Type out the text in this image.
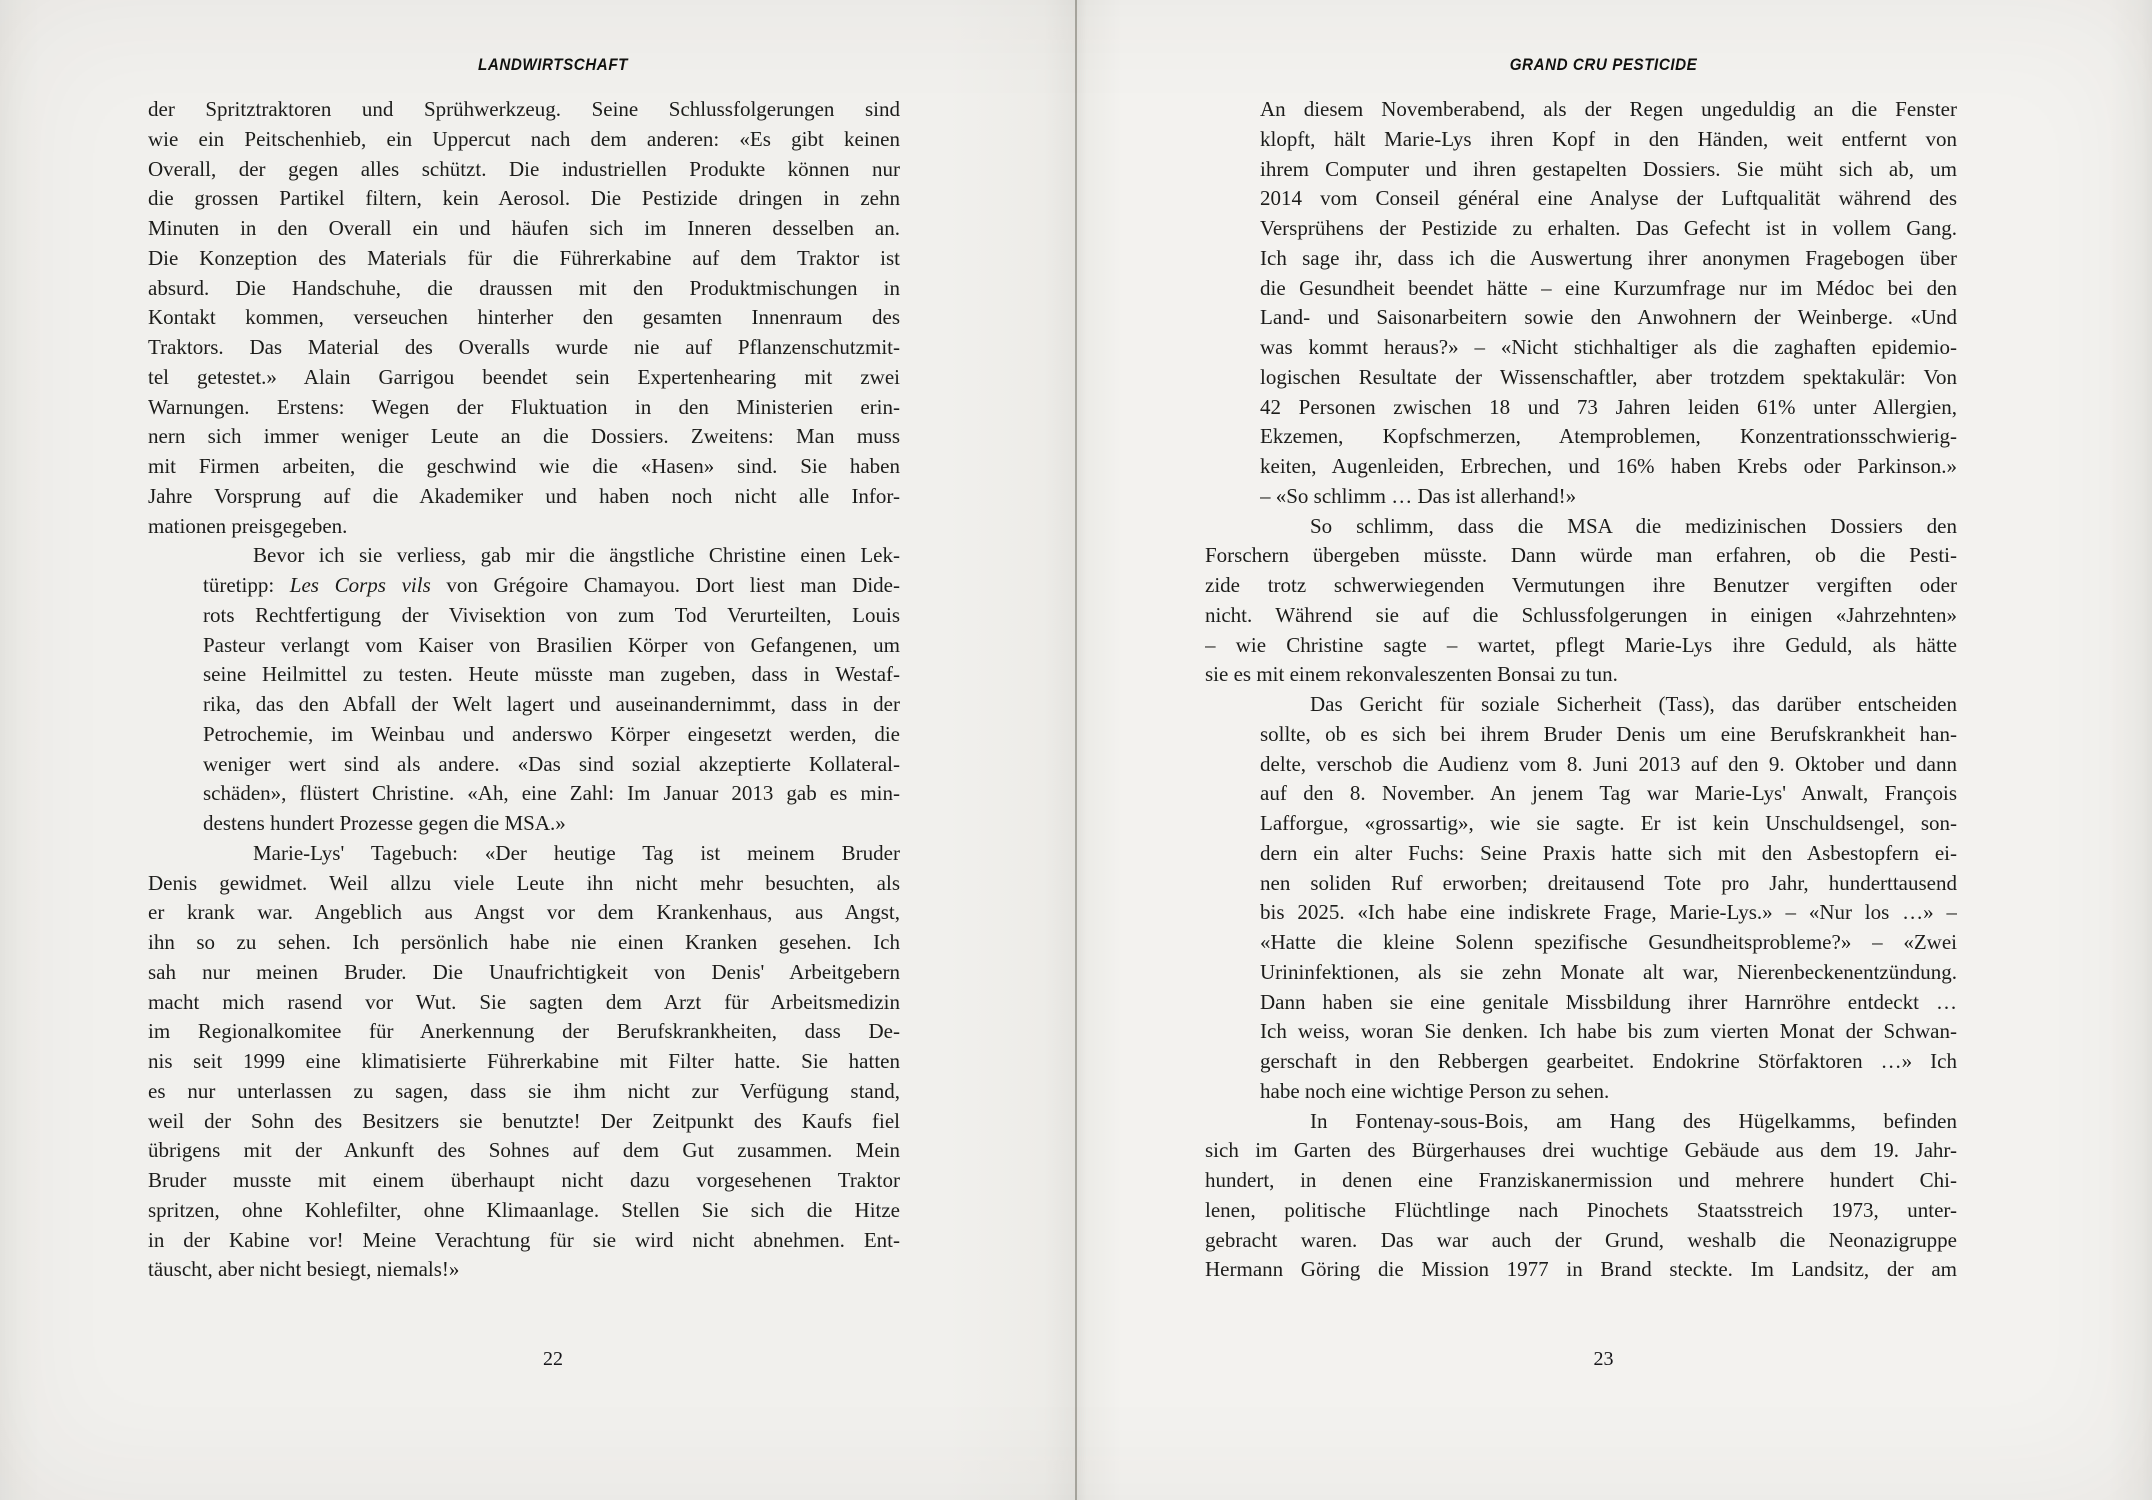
LANDWIRTSCHAFT
der Spritztraktoren und Sprühwerkzeug. Seine Schlussfolgerungen sind
wie ein Peitschenhieb, ein Uppercut nach dem anderen: «Es gibt keinen
Overall, der gegen alles schützt. Die industriellen Produkte können nur
die grossen Partikel filtern, kein Aerosol. Die Pestizide dringen in zehn
Minuten in den Overall ein und häufen sich im Inneren desselben an.
Die Konzeption des Materials für die Führerkabine auf dem Traktor ist
absurd. Die Handschuhe, die draussen mit den Produktmischungen in
Kontakt kommen, verseuchen hinterher den gesamten Innenraum des
Traktors. Das Material des Overalls wurde nie auf Pflanzenschutzmit-
tel getestet.» Alain Garrigou beendet sein Expertenhearing mit zwei
Warnungen. Erstens: Wegen der Fluktuation in den Ministerien erin-
nern sich immer weniger Leute an die Dossiers. Zweitens: Man muss
mit Firmen arbeiten, die geschwind wie die «Hasen» sind. Sie haben
Jahre Vorsprung auf die Akademiker und haben noch nicht alle Infor-
mationen preisgegeben.
Bevor ich sie verliess, gab mir die ängstliche Christine einen Lek-
türetipp: Les Corps vils von Grégoire Chamayou. Dort liest man Dide-
rots Rechtfertigung der Vivisektion von zum Tod Verurteilten, Louis
Pasteur verlangt vom Kaiser von Brasilien Körper von Gefangenen, um
seine Heilmittel zu testen. Heute müsste man zugeben, dass in Westaf-
rika, das den Abfall der Welt lagert und auseinandernimmt, dass in der
Petrochemie, im Weinbau und anderswo Körper eingesetzt werden, die
weniger wert sind als andere. «Das sind sozial akzeptierte Kollateral-
schäden», flüstert Christine. «Ah, eine Zahl: Im Januar 2013 gab es min-
destens hundert Prozesse gegen die MSA.»
Marie-Lys' Tagebuch: «Der heutige Tag ist meinem Bruder
Denis gewidmet. Weil allzu viele Leute ihn nicht mehr besuchten, als
er krank war. Angeblich aus Angst vor dem Krankenhaus, aus Angst,
ihn so zu sehen. Ich persönlich habe nie einen Kranken gesehen. Ich
sah nur meinen Bruder. Die Unaufrichtigkeit von Denis' Arbeitgebern
macht mich rasend vor Wut. Sie sagten dem Arzt für Arbeitsmedizin
im Regionalkomitee für Anerkennung der Berufskrankheiten, dass De-
nis seit 1999 eine klimatisierte Führerkabine mit Filter hatte. Sie hatten
es nur unterlassen zu sagen, dass sie ihm nicht zur Verfügung stand,
weil der Sohn des Besitzers sie benutzte! Der Zeitpunkt des Kaufs fiel
übrigens mit der Ankunft des Sohnes auf dem Gut zusammen. Mein
Bruder musste mit einem überhaupt nicht dazu vorgesehenen Traktor
spritzen, ohne Kohlefilter, ohne Klimaanlage. Stellen Sie sich die Hitze
in der Kabine vor! Meine Verachtung für sie wird nicht abnehmen. Ent-
täuscht, aber nicht besiegt, niemals!»
22
GRAND CRU PESTICIDE
An diesem Novemberabend, als der Regen ungeduldig an die Fenster
klopft, hält Marie-Lys ihren Kopf in den Händen, weit entfernt von
ihrem Computer und ihren gestapelten Dossiers. Sie müht sich ab, um
2014 vom Conseil général eine Analyse der Luftqualität während des
Versprühens der Pestizide zu erhalten. Das Gefecht ist in vollem Gang.
Ich sage ihr, dass ich die Auswertung ihrer anonymen Fragebogen über
die Gesundheit beendet hätte – eine Kurzumfrage nur im Médoc bei den
Land- und Saisonarbeitern sowie den Anwohnern der Weinberge. «Und
was kommt heraus?» – «Nicht stichhaltiger als die zaghaften epidemio-
logischen Resultate der Wissenschaftler, aber trotzdem spektakulär: Von
42 Personen zwischen 18 und 73 Jahren leiden 61% unter Allergien,
Ekzemen, Kopfschmerzen, Atemproblemen, Konzentrationsschwierig-
keiten, Augenleiden, Erbrechen, und 16% haben Krebs oder Parkinson.»
– «So schlimm … Das ist allerhand!»
So schlimm, dass die MSA die medizinischen Dossiers den
Forschern übergeben müsste. Dann würde man erfahren, ob die Pesti-
zide trotz schwerwiegenden Vermutungen ihre Benutzer vergiften oder
nicht. Während sie auf die Schlussfolgerungen in einigen «Jahrzehnten»
– wie Christine sagte – wartet, pflegt Marie-Lys ihre Geduld, als hätte
sie es mit einem rekonvaleszenten Bonsai zu tun.
Das Gericht für soziale Sicherheit (Tass), das darüber entscheiden
sollte, ob es sich bei ihrem Bruder Denis um eine Berufskrankheit han-
delte, verschob die Audienz vom 8. Juni 2013 auf den 9. Oktober und dann
auf den 8. November. An jenem Tag war Marie-Lys' Anwalt, François
Lafforgue, «grossartig», wie sie sagte. Er ist kein Unschuldsengel, son-
dern ein alter Fuchs: Seine Praxis hatte sich mit den Asbestopfern ei-
nen soliden Ruf erworben; dreitausend Tote pro Jahr, hunderttausend
bis 2025. «Ich habe eine indiskrete Frage, Marie-Lys.» – «Nur los …» –
«Hatte die kleine Solenn spezifische Gesundheitsprobleme?» – «Zwei
Urininfektionen, als sie zehn Monate alt war, Nierenbeckenentzündung.
Dann haben sie eine genitale Missbildung ihrer Harnröhre entdeckt …
Ich weiss, woran Sie denken. Ich habe bis zum vierten Monat der Schwan-
gerschaft in den Rebbergen gearbeitet. Endokrine Störfaktoren …» Ich
habe noch eine wichtige Person zu sehen.
In Fontenay-sous-Bois, am Hang des Hügelkamms, befinden
sich im Garten des Bürgerhauses drei wuchtige Gebäude aus dem 19. Jahr-
hundert, in denen eine Franziskanermission und mehrere hundert Chi-
lenen, politische Flüchtlinge nach Pinochets Staatsstreich 1973, unter-
gebracht waren. Das war auch der Grund, weshalb die Neonazigruppe
Hermann Göring die Mission 1977 in Brand steckte. Im Landsitz, der am
23
